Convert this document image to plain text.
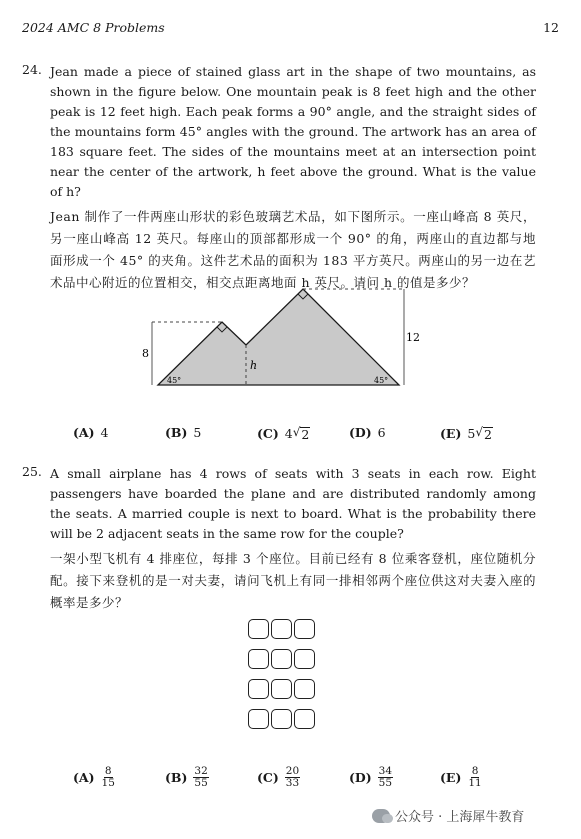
2024 AMC 8 Problems	12
24. Jean made a piece of stained glass art in the shape of two mountains, as shown in the figure below. One mountain peak is 8 feet high and the other peak is 12 feet high. Each peak forms a 90° angle, and the straight sides of the mountains form 45° angles with the ground. The artwork has an area of 183 square feet. The sides of the mountains meet at an intersection point near the center of the artwork, h feet above the ground. What is the value of h?

Jean 制作了一件两座山形状的彩色玻璃艺术品，如下图所示。一座山峰高 8 英尺，另一座山峰高 12 英尺。每座山的顶部都形成一个 90° 的角，两座山的直边都与地面形成一个 45° 的夹角。这件艺术品的面积为 183 平方英尺。两座山的另一边在艺术品中心附近的位置相交，相交点距离地面 h 英尺。请问 h 的值是多少？

8
12
h
45°	45°
(A) 4	(B) 5	(C) 4 √ 2	(D) 6	(E) 5 √ 2
25. A small airplane has 4 rows of seats with 3 seats in each row. Eight passengers have boarded the plane and are distributed randomly among the seats. A married couple is next to board. What is the probability there will be 2 adjacent seats in the same row for the couple?

一架小型飞机有 4 排座位，每排 3 个座位。目前已经有 8 位乘客登机，座位随机分配。接下来登机的是一对夫妻，请问飞机上有同一排相邻两个座位供这对夫妻入座的概率是多少？

$(A) \frac{8}{15}$	$(B) \frac{32}{55}$	$(C) \frac{20}{33}$	$(D) \frac{34}{55}$	$(E) \frac{8}{11}$
公众号 · 上海犀牛教育
